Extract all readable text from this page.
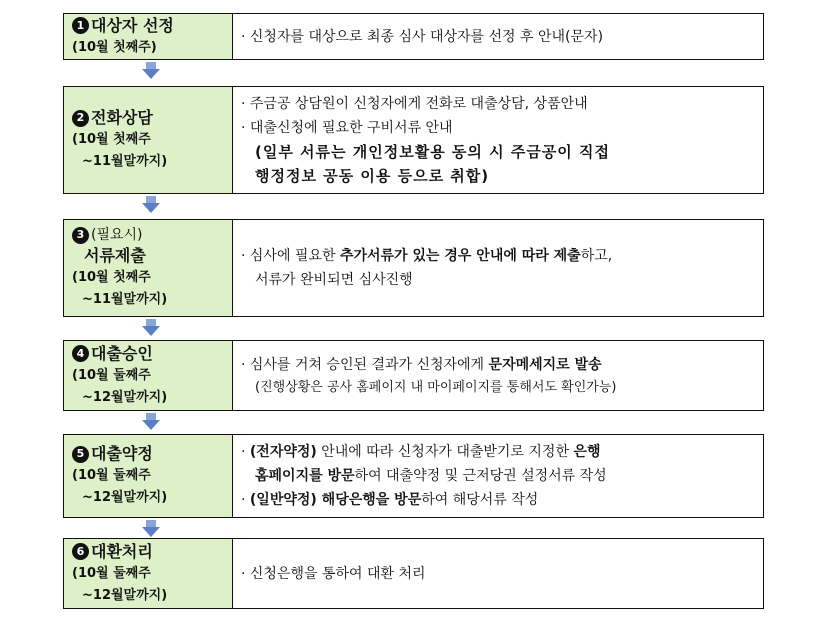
1 대상자 선정
(10월 첫째주)
· 신청자를 대상으로 최종 심사 대상자를 선정 후 안내(문자)
2 전화상담
(10월 첫째주
~11월말까지)
· 주금공 상담원이 신청자에게 전화로 대출상담, 상품안내
· 대출신청에 필요한 구비서류 안내
(일부 서류는 개인정보활용 동의 시 주금공이 직접
행정정보 공동 이용 등으로 취합)
3 (필요시)
서류제출
(10월 첫째주
~11월말까지)
· 심사에 필요한 추가서류가 있는 경우 안내에 따라 제출하고,
서류가 완비되면 심사진행
4 대출승인
(10월 둘째주
~12월말까지)
· 심사를 거쳐 승인된 결과가 신청자에게 문자메세지로 발송
(진행상황은 공사 홈페이지 내 마이페이지를 통해서도 확인가능)
5 대출약정
(10월 둘째주
~12월말까지)
· (전자약정) 안내에 따라 신청자가 대출받기로 지정한 은행
홈페이지를 방문하여 대출약정 및 근저당권 설정서류 작성
· (일반약정) 해당은행을 방문하여 해당서류 작성
6 대환처리
(10월 둘째주
~12월말까지)
· 신청은행을 통하여 대환 처리
